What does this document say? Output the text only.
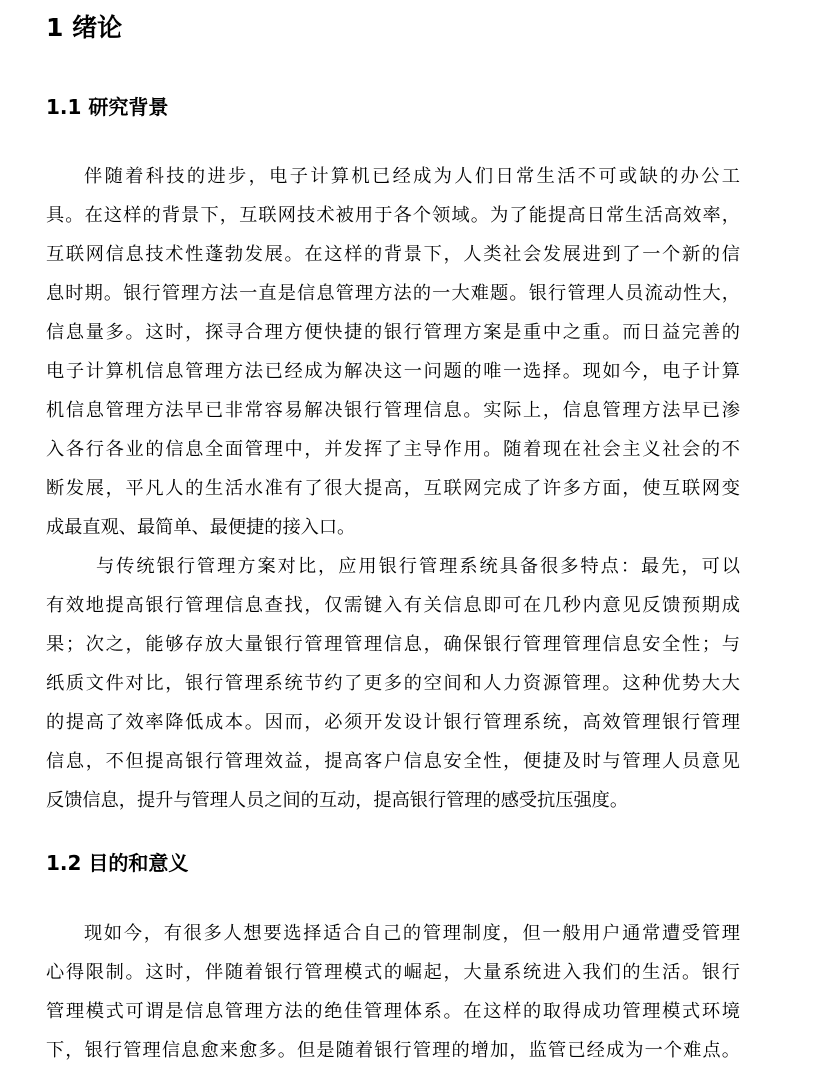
1 绪论
1.1 研究背景
伴随着科技的进步，电子计算机已经成为人们日常生活不可或缺的办公工
具。在这样的背景下，互联网技术被用于各个领域。为了能提高日常生活高效率，
互联网信息技术性蓬勃发展。在这样的背景下，人类社会发展进到了一个新的信
息时期。银行管理方法一直是信息管理方法的一大难题。银行管理人员流动性大，
信息量多。这时，探寻合理方便快捷的银行管理方案是重中之重。而日益完善的
电子计算机信息管理方法已经成为解决这一问题的唯一选择。现如今，电子计算
机信息管理方法早已非常容易解决银行管理信息。实际上，信息管理方法早已渗
入各行各业的信息全面管理中，并发挥了主导作用。随着现在社会主义社会的不
断发展，平凡人的生活水准有了很大提高，互联网完成了许多方面，使互联网变
成最直观、最简单、最便捷的接入口。
与传统银行管理方案对比，应用银行管理系统具备很多特点：最先，可以
有效地提高银行管理信息查找，仅需键入有关信息即可在几秒内意见反馈预期成
果；次之，能够存放大量银行管理管理信息，确保银行管理管理信息安全性；与
纸质文件对比，银行管理系统节约了更多的空间和人力资源管理。这种优势大大
的提高了效率降低成本。因而，必须开发设计银行管理系统，高效管理银行管理
信息，不但提高银行管理效益，提高客户信息安全性，便捷及时与管理人员意见
反馈信息，提升与管理人员之间的互动，提高银行管理的感受抗压强度。
1.2 目的和意义
现如今，有很多人想要选择适合自己的管理制度，但一般用户通常遭受管理
心得限制。这时，伴随着银行管理模式的崛起，大量系统进入我们的生活。银行
管理模式可谓是信息管理方法的绝佳管理体系。在这样的取得成功管理模式环境
下，银行管理信息愈来愈多。但是随着银行管理的增加，监管已经成为一个难点。
